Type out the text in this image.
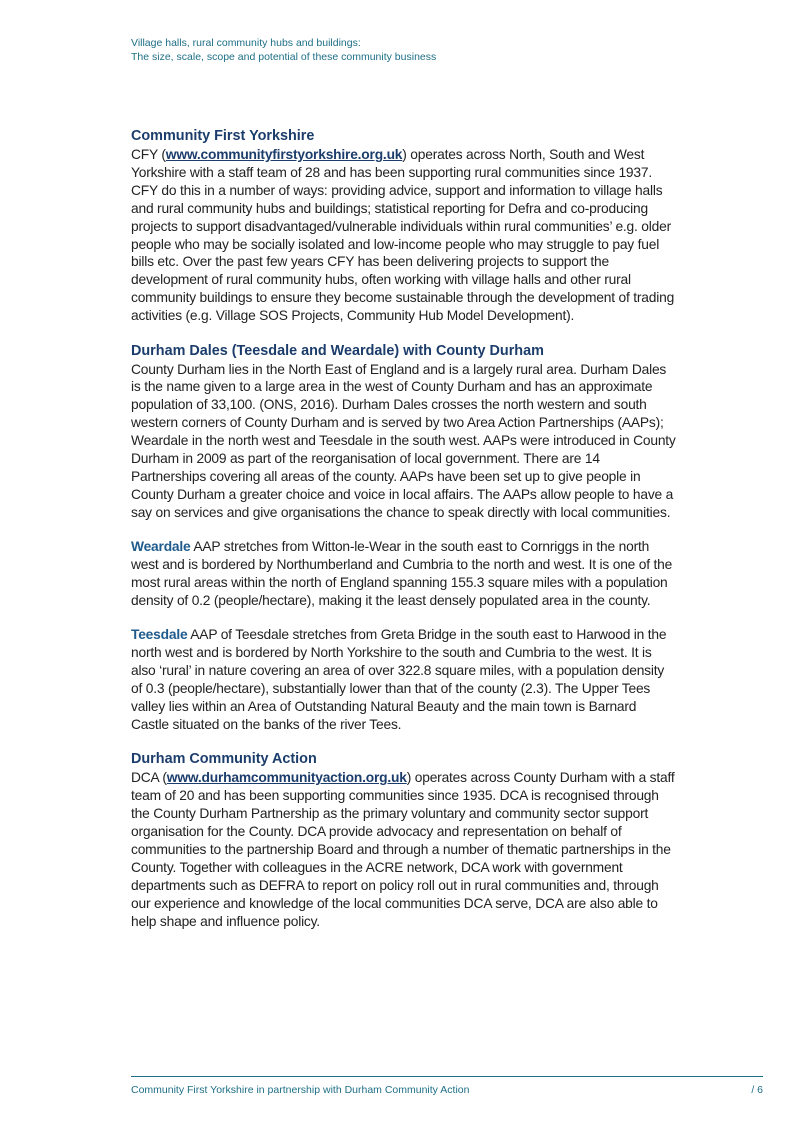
Village halls, rural community hubs and buildings:
The size, scale, scope and potential of these community business
Community First Yorkshire

CFY (www.communityfirstyorkshire.org.uk) operates across North, South and West Yorkshire with a staff team of 28 and has been supporting rural communities since 1937. CFY do this in a number of ways: providing advice, support and information to village halls and rural community hubs and buildings; statistical reporting for Defra and co-producing projects to support disadvantaged/vulnerable individuals within rural communities’ e.g. older people who may be socially isolated and low-income people who may struggle to pay fuel bills etc. Over the past few years CFY has been delivering projects to support the development of rural community hubs, often working with village halls and other rural community buildings to ensure they become sustainable through the development of trading activities (e.g. Village SOS Projects, Community Hub Model Development).

Durham Dales (Teesdale and Weardale) with County Durham

County Durham lies in the North East of England and is a largely rural area. Durham Dales is the name given to a large area in the west of County Durham and has an approximate population of 33,100. (ONS, 2016). Durham Dales crosses the north western and south western corners of County Durham and is served by two Area Action Partnerships (AAPs); Weardale in the north west and Teesdale in the south west. AAPs were introduced in County Durham in 2009 as part of the reorganisation of local government. There are 14 Partnerships covering all areas of the county. AAPs have been set up to give people in County Durham a greater choice and voice in local affairs. The AAPs allow people to have a say on services and give organisations the chance to speak directly with local communities.

Weardale AAP stretches from Witton-le-Wear in the south east to Cornriggs in the north west and is bordered by Northumberland and Cumbria to the north and west. It is one of the most rural areas within the north of England spanning 155.3 square miles with a population density of 0.2 (people/hectare), making it the least densely populated area in the county.

Teesdale AAP of Teesdale stretches from Greta Bridge in the south east to Harwood in the north west and is bordered by North Yorkshire to the south and Cumbria to the west. It is also ‘rural’ in nature covering an area of over 322.8 square miles, with a population density of 0.3 (people/hectare), substantially lower than that of the county (2.3). The Upper Tees valley lies within an Area of Outstanding Natural Beauty and the main town is Barnard Castle situated on the banks of the river Tees.

Durham Community Action

DCA (www.durhamcommunityaction.org.uk) operates across County Durham with a staff team of 20 and has been supporting communities since 1935. DCA is recognised through the County Durham Partnership as the primary voluntary and community sector support organisation for the County. DCA provide advocacy and representation on behalf of communities to the partnership Board and through a number of thematic partnerships in the County. Together with colleagues in the ACRE network, DCA work with government departments such as DEFRA to report on policy roll out in rural communities and, through our experience and knowledge of the local communities DCA serve, DCA are also able to help shape and influence policy.

Community First Yorkshire in partnership with Durham Community Action	/ 6
